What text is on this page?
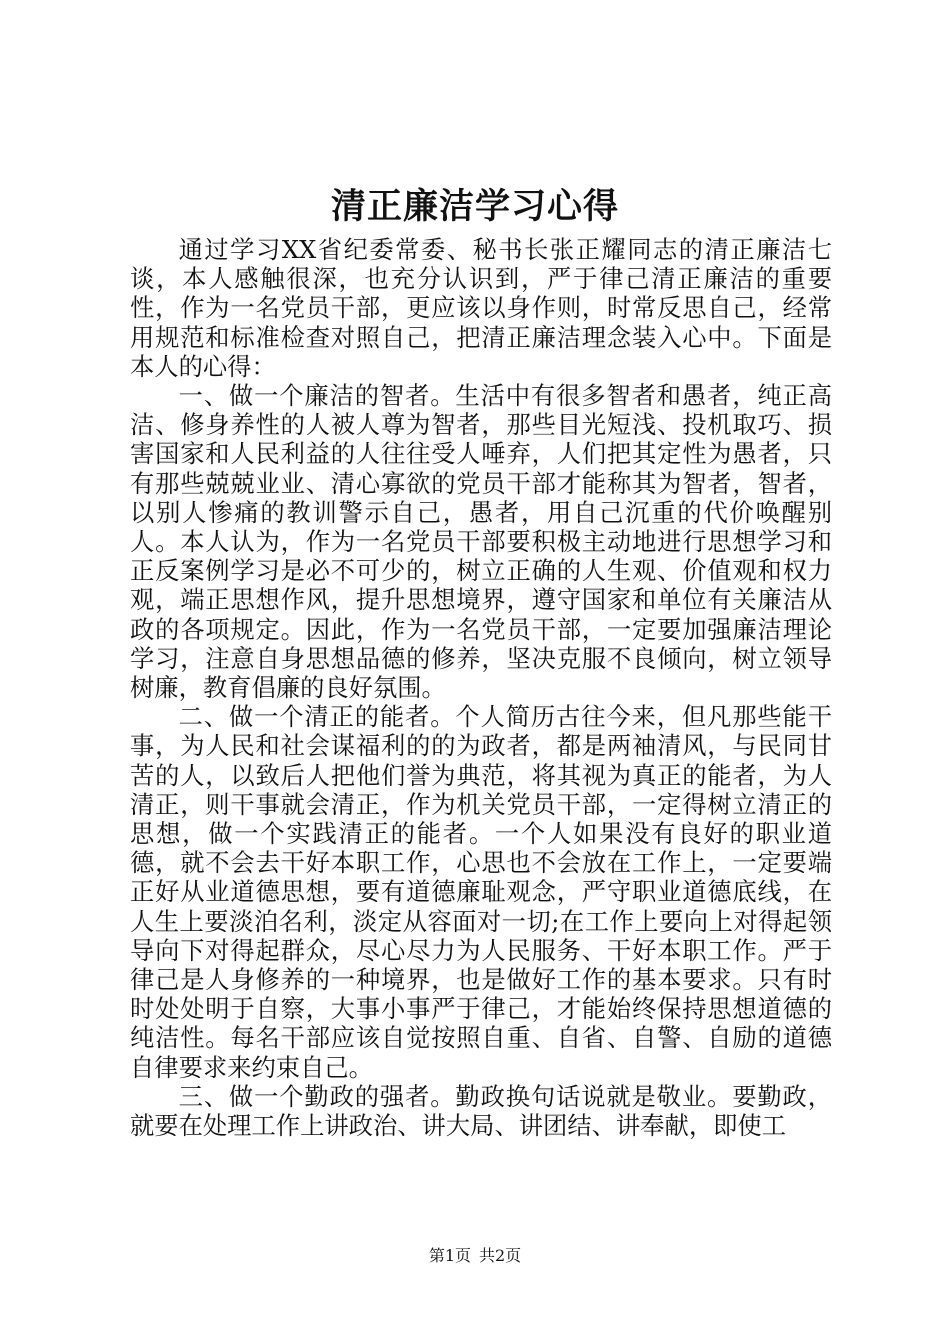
清正廉洁学习心得

通过学习XX省纪委常委、秘书长张正耀同志的清正廉洁七谈，本人感触很深，也充分认识到，严于律己清正廉洁的重要性，作为一名党员干部，更应该以身作则，时常反思自己，经常用规范和标准检查对照自己，把清正廉洁理念装入心中。下面是本人的心得：

一、做一个廉洁的智者。生活中有很多智者和愚者，纯正高洁、修身养性的人被人尊为智者，那些目光短浅、投机取巧、损害国家和人民利益的人往往受人唾弃，人们把其定性为愚者，只有那些兢兢业业、清心寡欲的党员干部才能称其为智者，智者，以别人惨痛的教训警示自己，愚者，用自己沉重的代价唤醒别人。本人认为，作为一名党员干部要积极主动地进行思想学习和正反案例学习是必不可少的，树立正确的人生观、价值观和权力观，端正思想作风，提升思想境界，遵守国家和单位有关廉洁从政的各项规定。因此，作为一名党员干部，一定要加强廉洁理论学习，注意自身思想品德的修养，坚决克服不良倾向，树立领导树廉，教育倡廉的良好氛围。

二、做一个清正的能者。个人简历古往今来，但凡那些能干事，为人民和社会谋福利的的为政者，都是两袖清风，与民同甘苦的人，以致后人把他们誉为典范，将其视为真正的能者，为人清正，则干事就会清正，作为机关党员干部，一定得树立清正的思想，做一个实践清正的能者。一个人如果没有良好的职业道德，就不会去干好本职工作，心思也不会放在工作上，一定要端正好从业道德思想，要有道德廉耻观念，严守职业道德底线，在人生上要淡泊名利，淡定从容面对一切;在工作上要向上对得起领导向下对得起群众，尽心尽力为人民服务、干好本职工作。严于律己是人身修养的一种境界，也是做好工作的基本要求。只有时时处处明于自察，大事小事严于律己，才能始终保持思想道德的纯洁性。每名干部应该自觉按照自重、自省、自警、自励的道德自律要求来约束自己。

三、做一个勤政的强者。勤政换句话说就是敬业。要勤政，就要在处理工作上讲政治、讲大局、讲团结、讲奉献，即使工

第1页 共2页
